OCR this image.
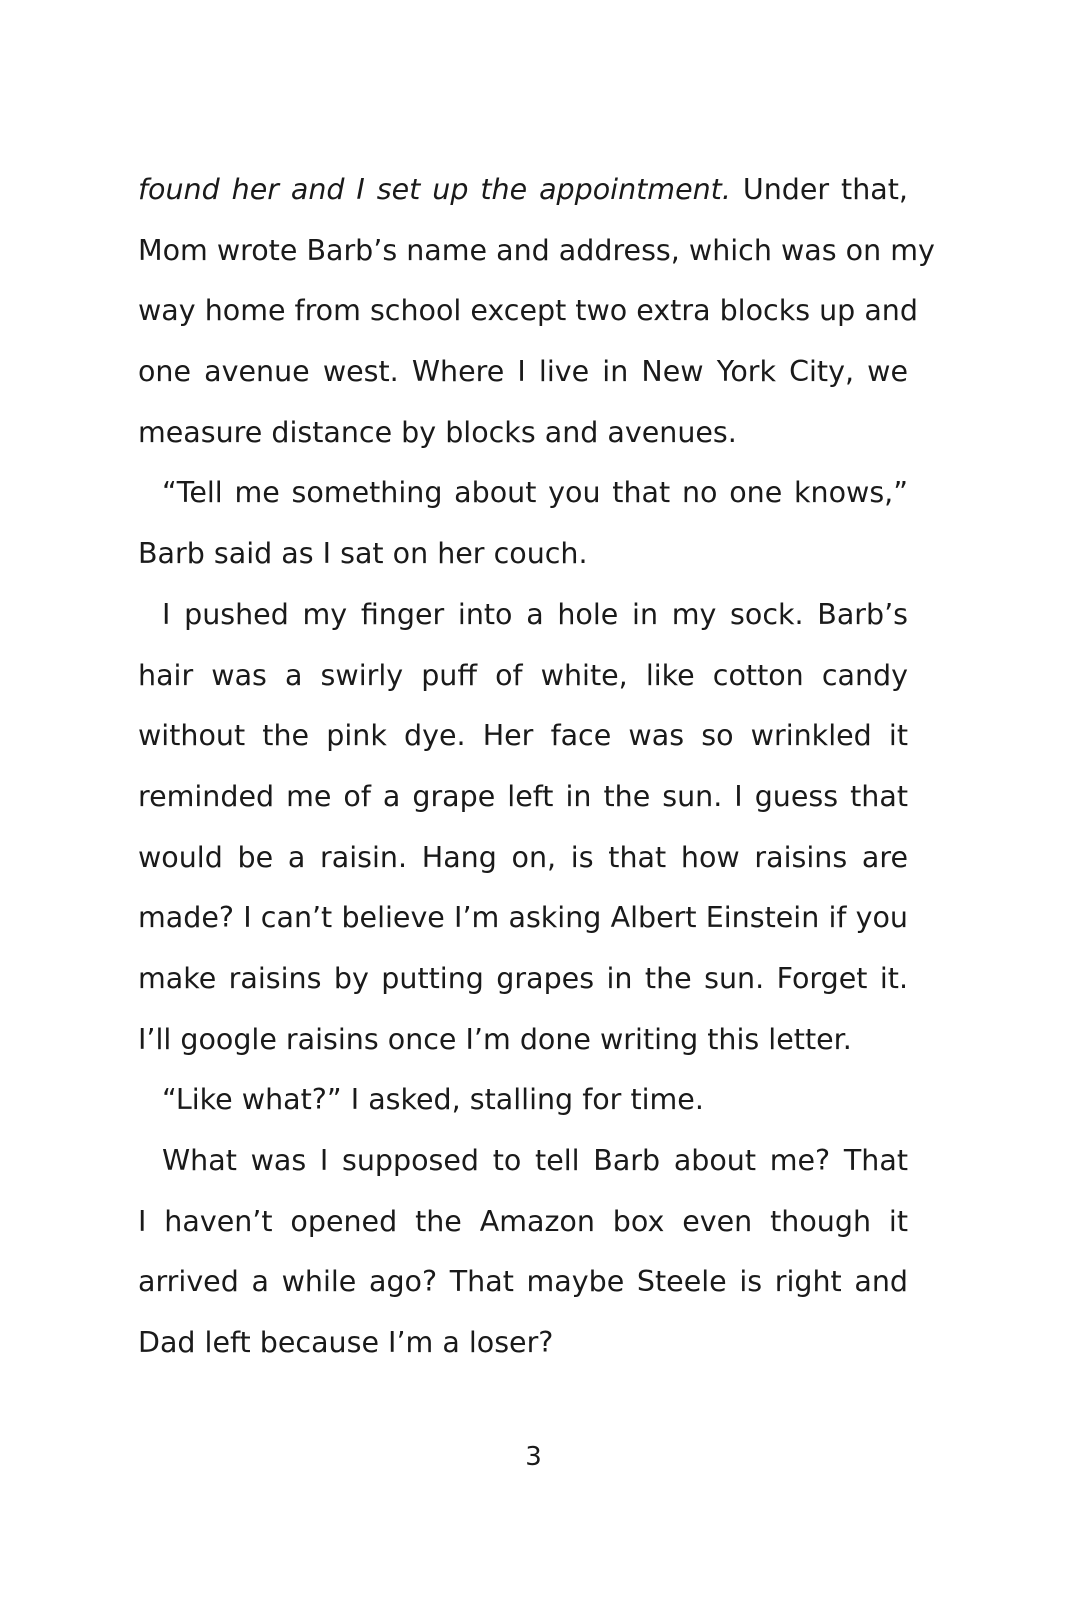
found her and I set up the appointment. Under that,
Mom wrote Barb’s name and address, which was on my
way home from school except two extra blocks up and
one avenue west. Where I live in New York City, we
measure distance by blocks and avenues.
“Tell me something about you that no one knows,”
Barb said as I sat on her couch.
I pushed my finger into a hole in my sock. Barb’s
hair was a swirly puff of white, like cotton candy
without the pink dye. Her face was so wrinkled it
reminded me of a grape left in the sun. I guess that
would be a raisin. Hang on, is that how raisins are
made? I can’t believe I’m asking Albert Einstein if you
make raisins by putting grapes in the sun. Forget it.
I’ll google raisins once I’m done writing this letter.
“Like what?” I asked, stalling for time.
What was I supposed to tell Barb about me? That
I haven’t opened the Amazon box even though it
arrived a while ago? That maybe Steele is right and
Dad left because I’m a loser?
3
